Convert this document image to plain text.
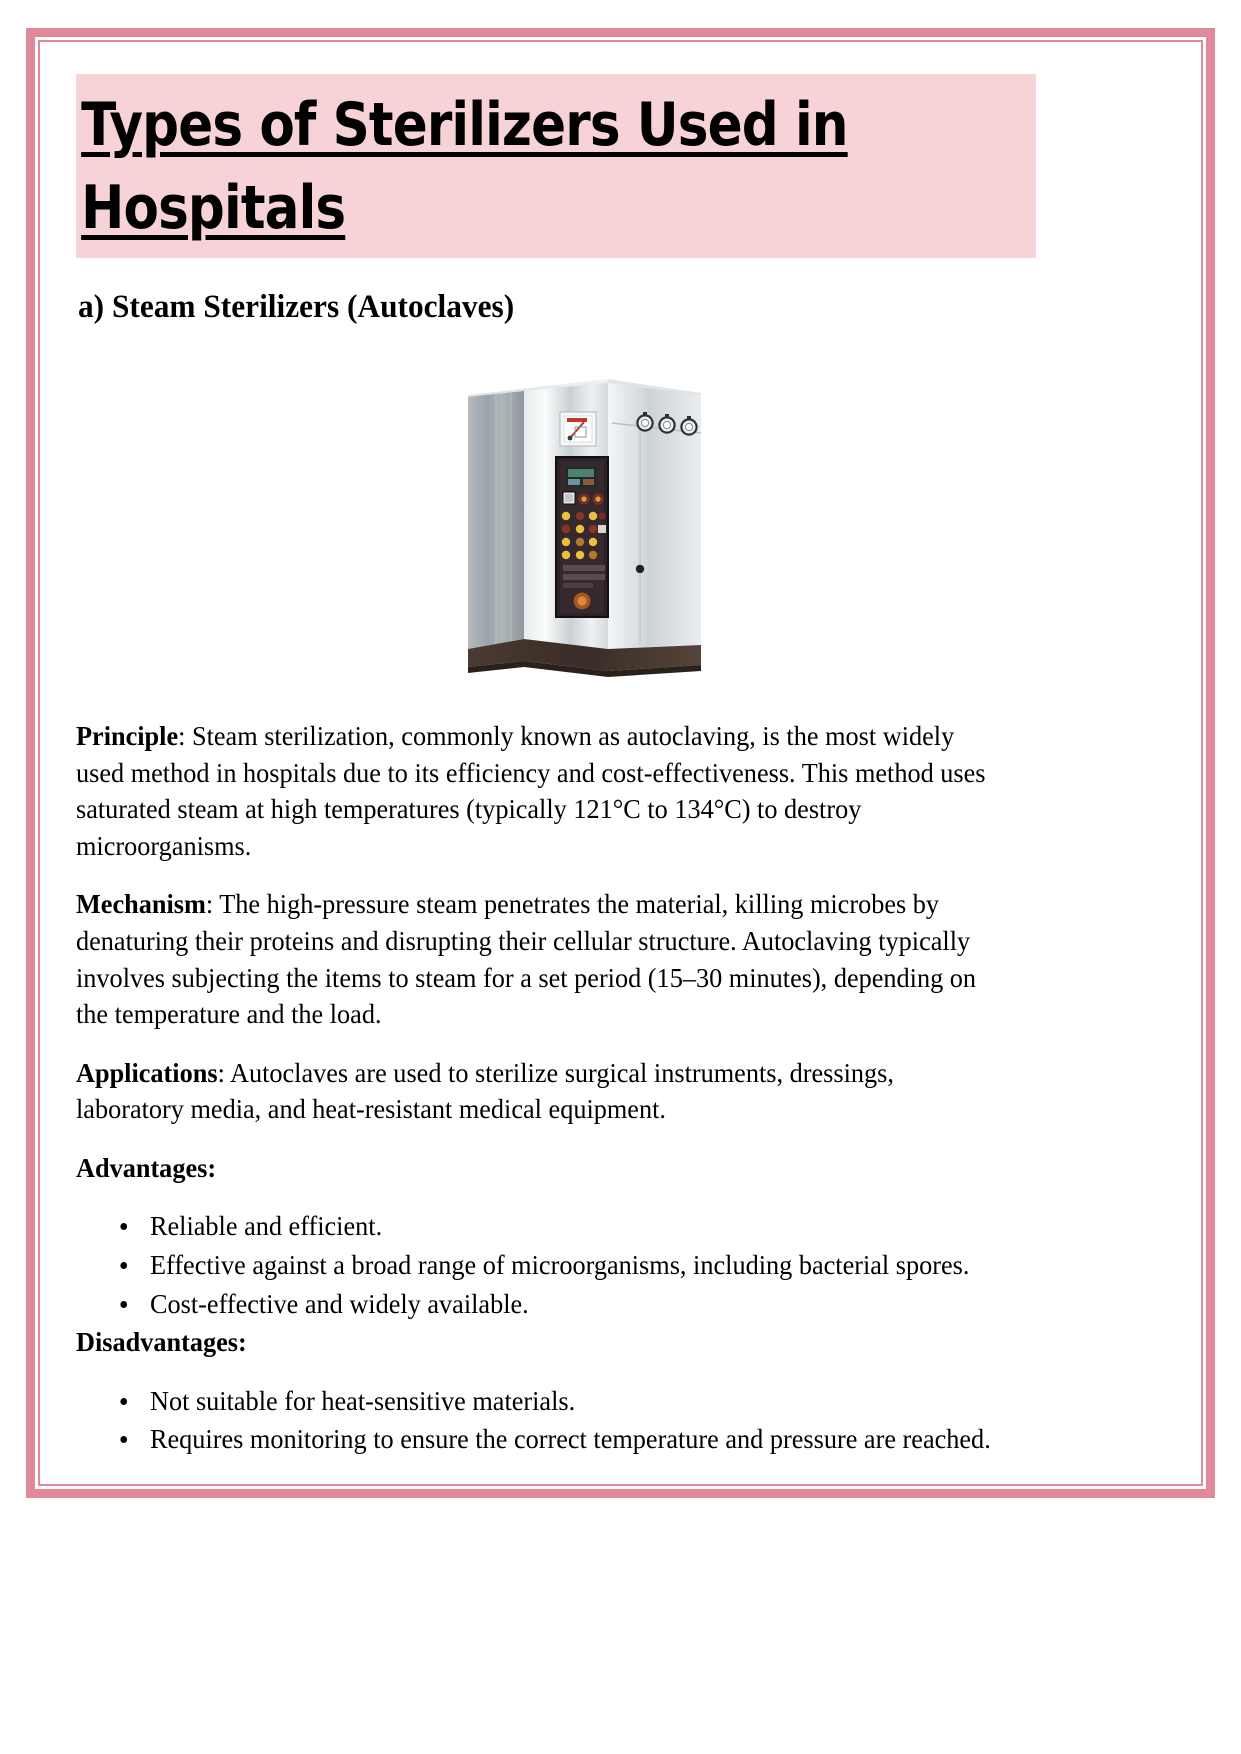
Types of Sterilizers Used in
Hospitals
a) Steam Sterilizers (Autoclaves)

Principle: Steam sterilization, commonly known as autoclaving, is the most widely used method in hospitals due to its efficiency and cost-effectiveness. This method uses saturated steam at high temperatures (typically 121°C to 134°C) to destroy microorganisms.

Mechanism: The high-pressure steam penetrates the material, killing microbes by denaturing their proteins and disrupting their cellular structure. Autoclaving typically involves subjecting the items to steam for a set period (15–30 minutes), depending on the temperature and the load.

Applications: Autoclaves are used to sterilize surgical instruments, dressings, laboratory media, and heat-resistant medical equipment.

Advantages:

Reliable and efficient.
Effective against a broad range of microorganisms, including bacterial spores.
Cost-effective and widely available.

Disadvantages:

Not suitable for heat-sensitive materials.
Requires monitoring to ensure the correct temperature and pressure are reached.
